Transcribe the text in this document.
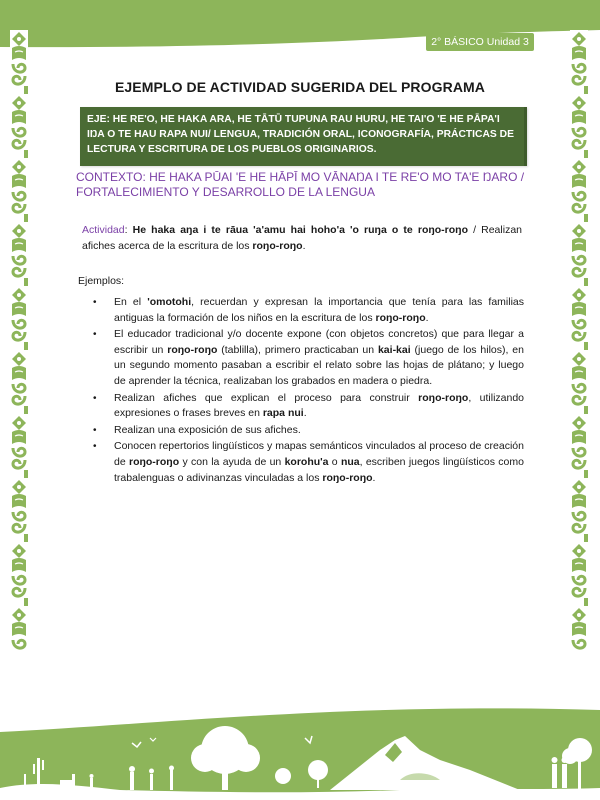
2° BÁSICO Unidad 3
EJEMPLO DE ACTIVIDAD SUGERIDA DEL PROGRAMA
EJE: HE RE'O, HE HAKA ARA, HE TĀTŪ TUPUNA RAU HURU, HE TAI'O 'E HE PĀPA'I IŊA O TE HAU RAPA NUI/ LENGUA, TRADICIÓN ORAL, ICONOGRAFÍA, PRÁCTICAS DE LECTURA Y ESCRITURA DE LOS PUEBLOS ORIGINARIOS.
CONTEXTO: HE HAKA PŪAI 'E HE HĀPĪ MO VĀNAŊA I TE RE'O MO TA'E ŊARO /
FORTALECIMIENTO Y DESARROLLO DE LA LENGUA
Actividad: He haka aŋa i te rāua 'a'amu hai hoho'a 'o ruŋa o te roŋo-roŋo / Realizan afiches acerca de la escritura de los roŋo-roŋo.
Ejemplos:
• En el 'omotohi, recuerdan y expresan la importancia que tenía para las familias antiguas la formación de los niños en la escritura de los roŋo-roŋo.
• El educador tradicional y/o docente expone (con objetos concretos) que para llegar a escribir un roŋo-roŋo (tablilla), primero practicaban un kai-kai (juego de los hilos), en un segundo momento pasaban a escribir el relato sobre las hojas de plátano; y luego de aprender la técnica, realizaban los grabados en madera o piedra.
• Realizan afiches que explican el proceso para construir roŋo-roŋo, utilizando expresiones o frases breves en rapa nui.
• Realizan una exposición de sus afiches.
• Conocen repertorios lingüísticos y mapas semánticos vinculados al proceso de creación de roŋo-roŋo y con la ayuda de un korohu'a o nua, escriben juegos lingüísticos como trabalenguas o adivinanzas vinculadas a los roŋo-roŋo.
